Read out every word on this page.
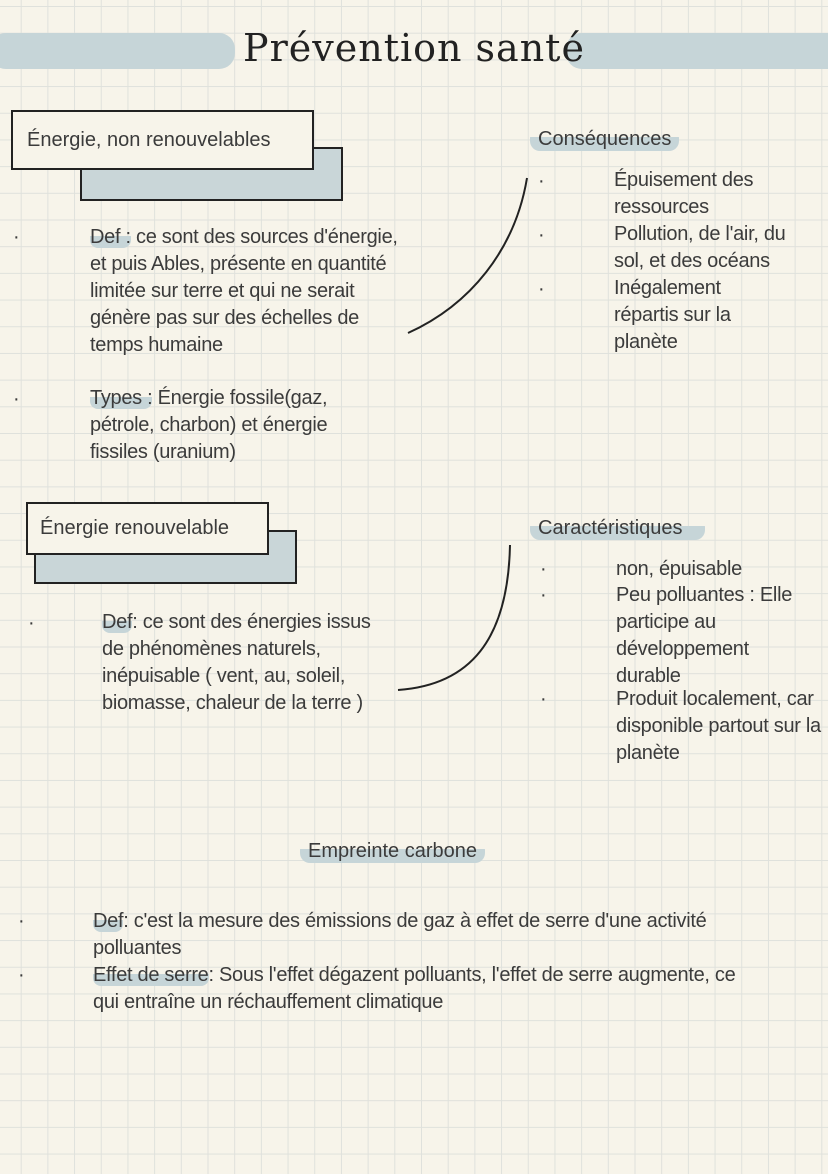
Prévention santé
Énergie, non renouvelables
·	Def : ce sont des sources d'énergie, et puis Ables, présente en quantité limitée sur terre et qui ne serait génère pas sur des échelles de temps humaine
·	Types : Énergie fossile(gaz, pétrole, charbon) et énergie fissiles (uranium)
Conséquences
·	Épuisement des ressources
·	Pollution, de l'air, du sol, et des océans
·	Inégalement répartis sur la planète
Énergie renouvelable
·	Def: ce sont des énergies issus de phénomènes naturels, inépuisable ( vent, au, soleil, biomasse, chaleur de la terre )
Caractéristiques
·	non, épuisable
·	Peu polluantes : Elle participe au développement durable
·	Produit localement, car disponible partout sur la planète
Empreinte carbone
·	Def: c'est la mesure des émissions de gaz à effet de serre d'une activité polluantes
·	Effet de serre: Sous l'effet dégazent polluants, l'effet de serre augmente, ce qui entraîne un réchauffement climatique
